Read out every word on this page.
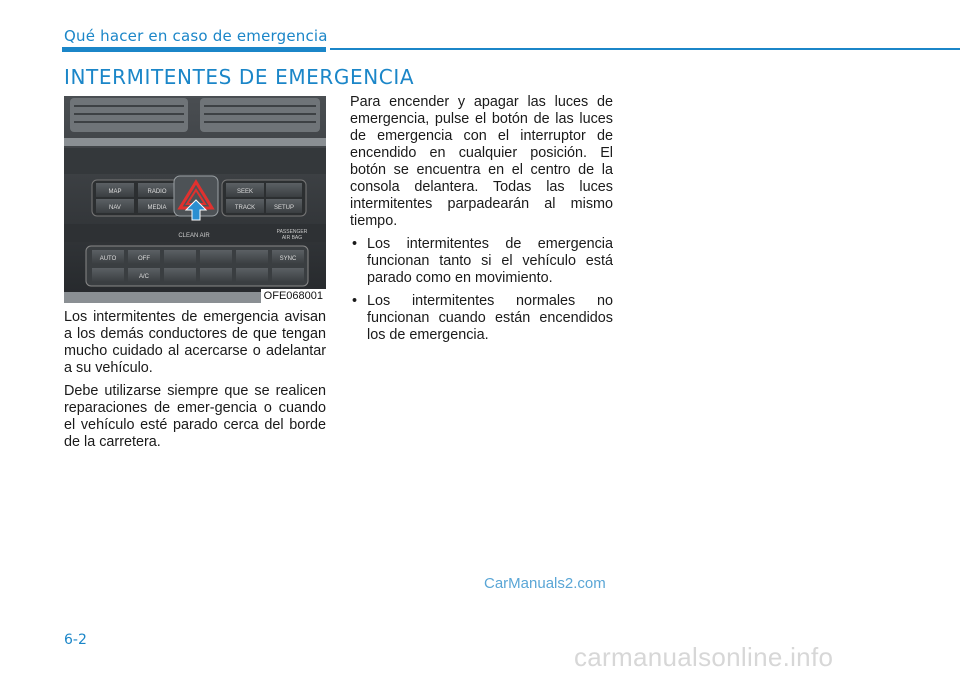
Qué hacer en caso de emergencia
INTERMITENTES DE EMERGENCIA
MAP	RADIO
NAV	MEDIA
SEEK
TRACK	SETUP
CLEAN AIR
PASSENGER
AIR BAG
AUTO	OFF	SYNC
A/C
OFE068001

Los intermitentes de emergencia avisan a los demás conductores de que tengan mucho cuidado al acercarse o adelantar a su vehículo.

Debe utilizarse siempre que se realicen reparaciones de emer-gencia o cuando el vehículo esté parado cerca del borde de la carretera.

Para encender y apagar las luces de emergencia, pulse el botón de las luces de emergencia con el interruptor de encendido en cualquier posición. El botón se encuentra en el centro de la consola delantera. Todas las luces intermitentes parpadearán al mismo tiempo.

• Los intermitentes de emergencia funcionan tanto si el vehículo está parado como en movimiento.
• Los intermitentes normales no funcionan cuando están encendidos los de emergencia.
CarManuals2.com
6-2
carmanualsonline.info
